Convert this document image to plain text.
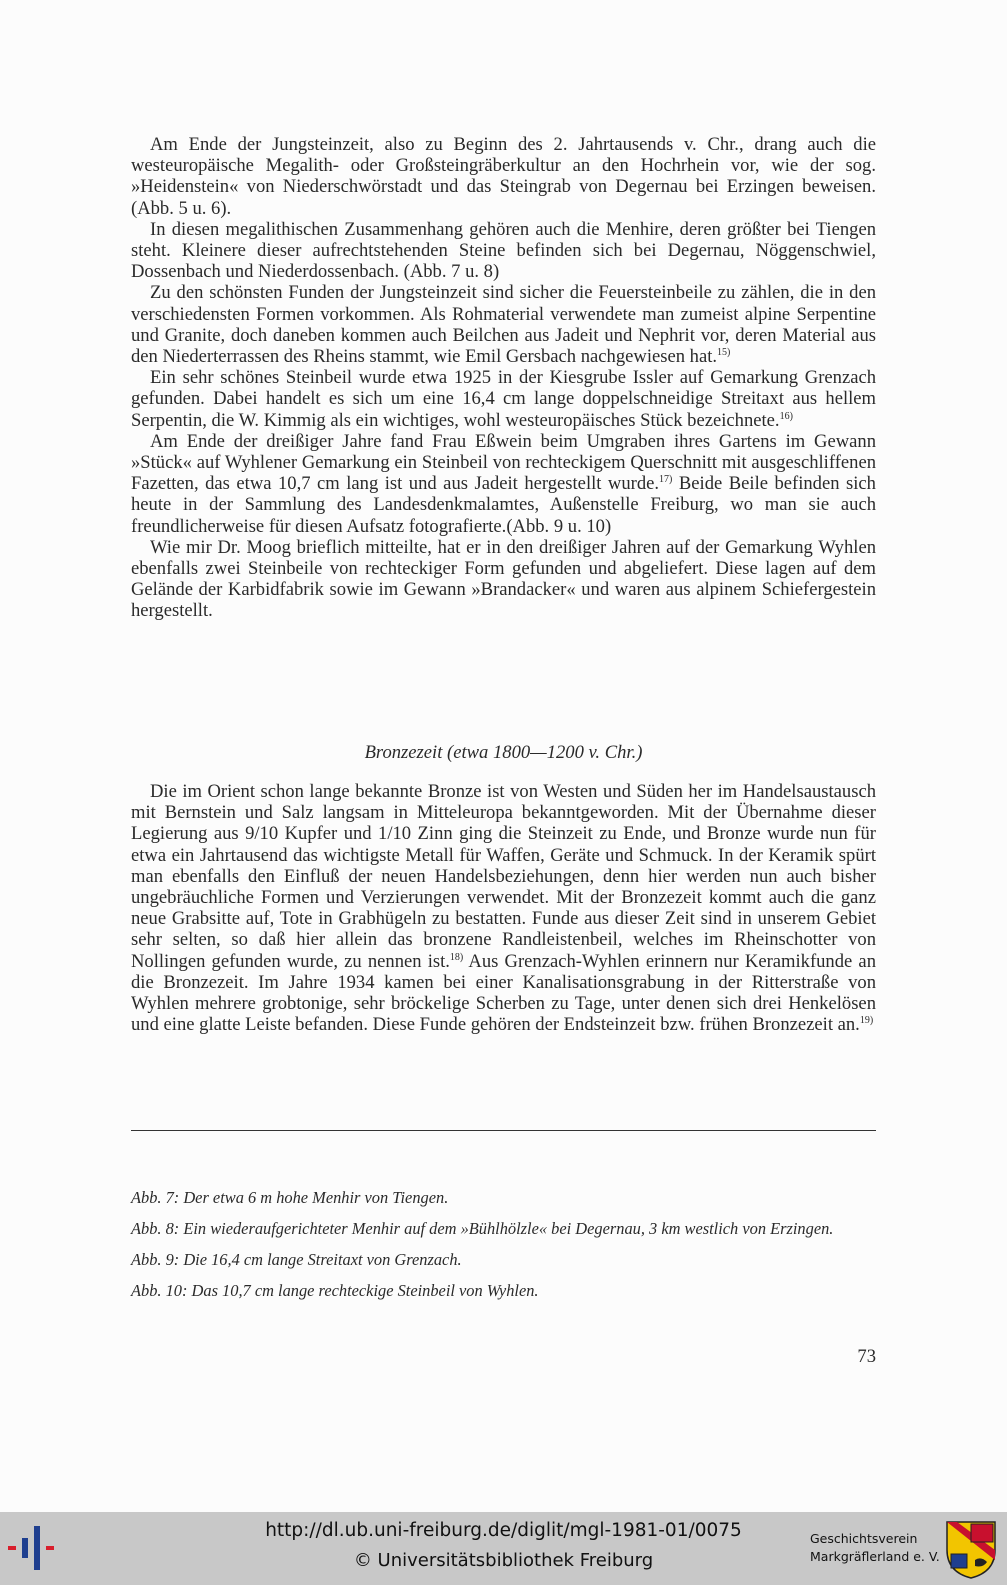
Am Ende der Jungsteinzeit, also zu Beginn des 2. Jahrtausends v. Chr., drang auch die westeuropäische Megalith- oder Großsteingräberkultur an den Hochrhein vor, wie der sog. »Heidenstein« von Niederschwörstadt und das Steingrab von Degernau bei Erzingen beweisen. (Abb. 5 u. 6).

In diesen megalithischen Zusammenhang gehören auch die Menhire, deren größter bei Tiengen steht. Kleinere dieser aufrechtstehenden Steine befinden sich bei Degernau, Nöggenschwiel, Dossenbach und Niederdossenbach. (Abb. 7 u. 8)

Zu den schönsten Funden der Jungsteinzeit sind sicher die Feuersteinbeile zu zählen, die in den verschiedensten Formen vorkommen. Als Rohmaterial verwendete man zumeist alpine Serpentine und Granite, doch daneben kommen auch Beilchen aus Jadeit und Nephrit vor, deren Material aus den Niederterrassen des Rheins stammt, wie Emil Gersbach nachgewiesen hat.$^{15)}$

Ein sehr schönes Steinbeil wurde etwa 1925 in der Kiesgrube Issler auf Gemarkung Grenzach gefunden. Dabei handelt es sich um eine 16,4 cm lange doppelschneidige Streitaxt aus hellem Serpentin, die W. Kimmig als ein wichtiges, wohl westeuropäisches Stück bezeichnete.$^{16)}$

Am Ende der dreißiger Jahre fand Frau Eßwein beim Umgraben ihres Gartens im Gewann »Stück« auf Wyhlener Gemarkung ein Steinbeil von rechteckigem Querschnitt mit ausgeschliffenen Fazetten, das etwa 10,7 cm lang ist und aus Jadeit hergestellt wurde.$^{17)}$ Beide Beile befinden sich heute in der Sammlung des Landesdenkmalamtes, Außenstelle Freiburg, wo man sie auch freundlicherweise für diesen Aufsatz fotografierte.(Abb. 9 u. 10)

Wie mir Dr. Moog brieflich mitteilte, hat er in den dreißiger Jahren auf der Gemarkung Wyhlen ebenfalls zwei Steinbeile von rechteckiger Form gefunden und abgeliefert. Diese lagen auf dem Gelände der Karbidfabrik sowie im Gewann »Brandacker« und waren aus alpinem Schiefergestein hergestellt.

Bronzezeit (etwa 1800—1200 v. Chr.)

Die im Orient schon lange bekannte Bronze ist von Westen und Süden her im Handelsaustausch mit Bernstein und Salz langsam in Mitteleuropa bekanntgeworden. Mit der Übernahme dieser Legierung aus 9/10 Kupfer und 1/10 Zinn ging die Steinzeit zu Ende, und Bronze wurde nun für etwa ein Jahrtausend das wichtigste Metall für Waffen, Geräte und Schmuck. In der Keramik spürt man ebenfalls den Einfluß der neuen Handelsbeziehungen, denn hier werden nun auch bisher ungebräuchliche Formen und Verzierungen verwendet. Mit der Bronzezeit kommt auch die ganz neue Grabsitte auf, Tote in Grabhügeln zu bestatten. Funde aus dieser Zeit sind in unserem Gebiet sehr selten, so daß hier allein das bronzene Randleistenbeil, welches im Rheinschotter von Nollingen gefunden wurde, zu nennen ist.$^{18)}$ Aus Grenzach-Wyhlen erinnern nur Keramikfunde an die Bronzezeit. Im Jahre 1934 kamen bei einer Kanalisationsgrabung in der Ritterstraße von Wyhlen mehrere grobtonige, sehr bröckelige Scherben zu Tage, unter denen sich drei Henkelösen und eine glatte Leiste befanden. Diese Funde gehören der Endsteinzeit bzw. frühen Bronzezeit an.$^{19)}$

Abb. 7: Der etwa 6 m hohe Menhir von Tiengen.

Abb. 8: Ein wiederaufgerichteter Menhir auf dem »Bühlhölzle« bei Degernau, 3 km westlich von Erzingen.

Abb. 9: Die 16,4 cm lange Streitaxt von Grenzach.

Abb. 10: Das 10,7 cm lange rechteckige Steinbeil von Wyhlen.

73
http://dl.ub.uni-freiburg.de/diglit/mgl-1981-01/0075
© Universitätsbibliothek Freiburg
Geschichtsverein
Markgräflerland e. V.
